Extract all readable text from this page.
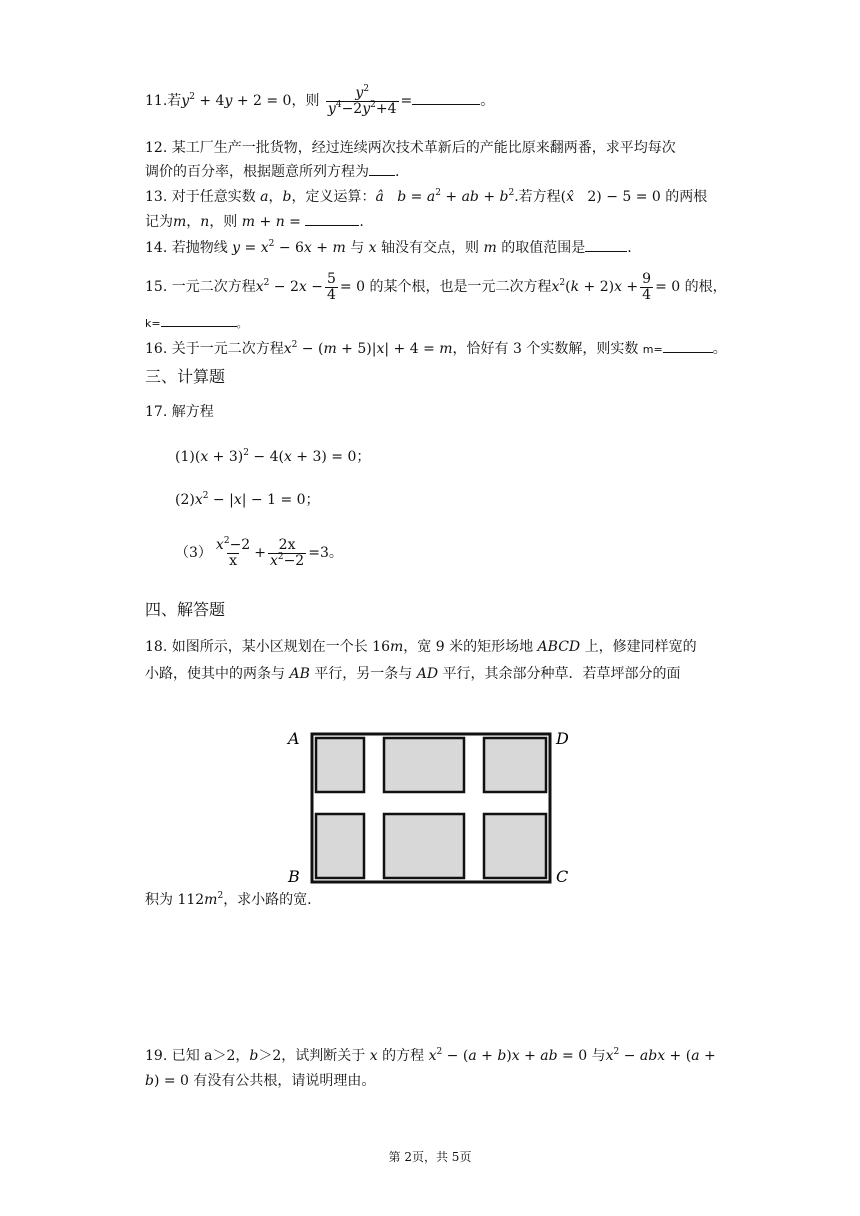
11.若$y^2 + 4y + 2 = 0$，则 $\frac{y^2}{y^4-2y^2+4}$ =	。
12. 某工厂生产一批货物，经过连续两次技术革新后的产能比原来翻两番，求平均每次
调价的百分率，根据题意所列方程为 .
13. 对于任意实数 a，b，定义运算：â $b = a^2$ + ab + $b^2$.若方程(x̂   2) − 5 = 0 的两根
记为m，n，则 m + n =	.
14. 若抛物线 $y = x^2 - 6x + m$ 与 x 轴没有交点，则 m 的取值范围是	.
15. 一元二次方程$x^2 - 2x - \frac{5}{4} = 0$ 的某个根，也是一元二次方程$x^2(k + 2)x + \frac{9}{4} = 0$ 的根，
k=	。
16. 关于一元二次方程$x^2 - (m + 5)|x| + 4 = m$，恰好有 3 个实数解，则实数 m=	。
三、计算题
17. 解方程
$(1)(x + 3)^2 - 4(x + 3) = 0$；
$(2)x^2 - |x| - 1 = 0$；
$(3) \frac{x^2-2}{x} + \frac{2x}{x^2-2} =3$。
四、解答题
18. 如图所示，某小区规划在一个长 16m，宽 9 米的矩形场地 ABCD 上，修建同样宽的
小路，使其中的两条与 AB 平行，另一条与 AD 平行，其余部分种草．若草坪部分的面
A	D
B	C
积为 $112m^2$，求小路的宽.
19. 已知 a＞2，b＞2，试判断关于 x 的方程 $x^2 - (a + b)x$ + ab = 0 与$x^2$ − abx + (a +
b) = 0 有没有公共根，请说明理由。
第 2页，共 5页
